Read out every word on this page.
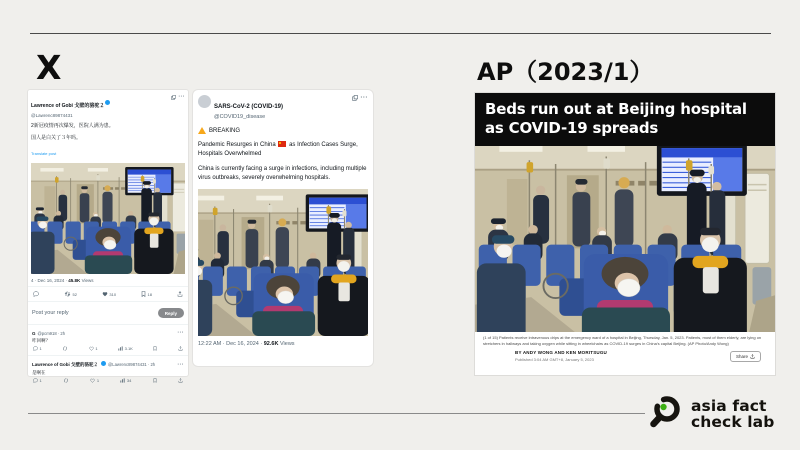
X	AP（2023/1）
Lawrence of Gobi 戈壁的骆驼２
@Lawrenc89874431
···

2新冠疫情再次爆发，医院人满为患。

国人是白关了３年吗。

Translate post
4 · Dec 16, 2024 · 45.8K Views
52	310	18
Post your reply	Reply
G @pcm918 · 2h	···
咋回啊？
1	1	3.1K
Lawrence of Gobi 戈壁的骆驼２ @Lawrenc89874431 · 2h	···
是啊在
1	1	34
SARS-CoV-2 (COVID-19)
@COVID19_disease
···
BREAKING

Pandemic Resurges in China as Infection Cases Surge, Hospitals Overwhelmed

China is currently facing a surge in infections, including multiple virus outbreaks, severely overwhelming hospitals.

12:22 AM · Dec 16, 2024 · 92.6K Views
Beds run out at Beijing hospital as COVID-19 spreads
(1 of 15) Patients receive intravenous drips at the emergency ward of a hospital in Beijing, Thursday, Jan. 5, 2023. Patients, most of them elderly, are lying on stretchers in hallways and taking oxygen while sitting in wheelchairs as COVID-19 surges in China's capital Beijing. (AP Photo/Andy Wong)
BY ANDY WONG AND KEN MORITSUGU
Published 3:04 AM GMT+8, January 5, 2023
Share
asia fact
check lab
